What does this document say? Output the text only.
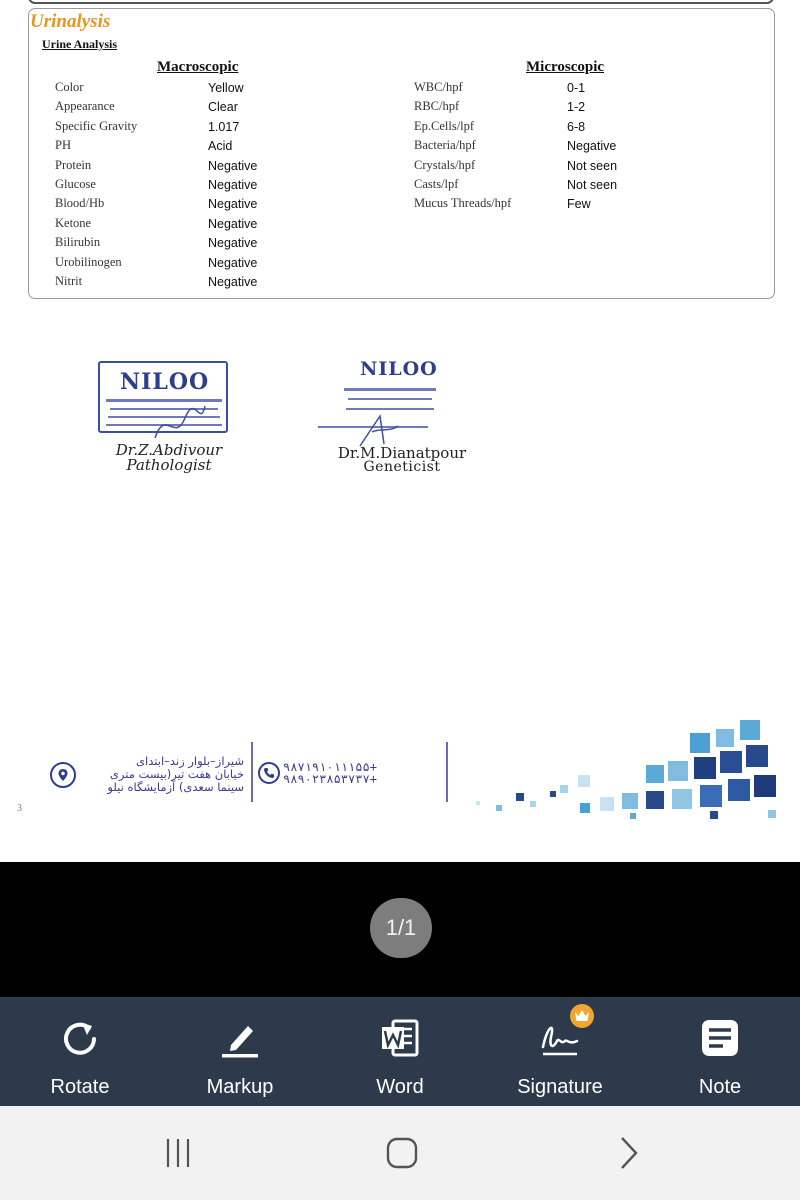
Urinalysis
Urine Analysis
Macroscopic	Microscopic
Color	Yellow
Appearance	Clear
Specific Gravity	1.017
PH	Acid
Protein	Negative
Glucose	Negative
Blood/Hb	Negative
Ketone	Negative
Bilirubin	Negative
Urobilinogen	Negative
Nitrit	Negative
WBC/hpf	0-1
RBC/hpf	1-2
Ep.Cells/lpf	6-8
Bacteria/hpf	Negative
Crystals/hpf	Not seen
Casts/lpf	Not seen
Mucus Threads/hpf	Few
NILOO
Dr.Z.Abdivour
Pathologist
NILOO
Dr.M.Dianatpour
Geneticist
شیراز–بلوار زند–ابتدای
خیابان هفت تیر(بیست متری
سینما سعدی) آزمایشگاه نیلو
+۹۸۷۱۹۱۰۱۱۱۵۵
+۹۸۹۰۲۳۸۵۳۷۳۷
3
1/1
Rotate	Markup	Word	Signature	Note
